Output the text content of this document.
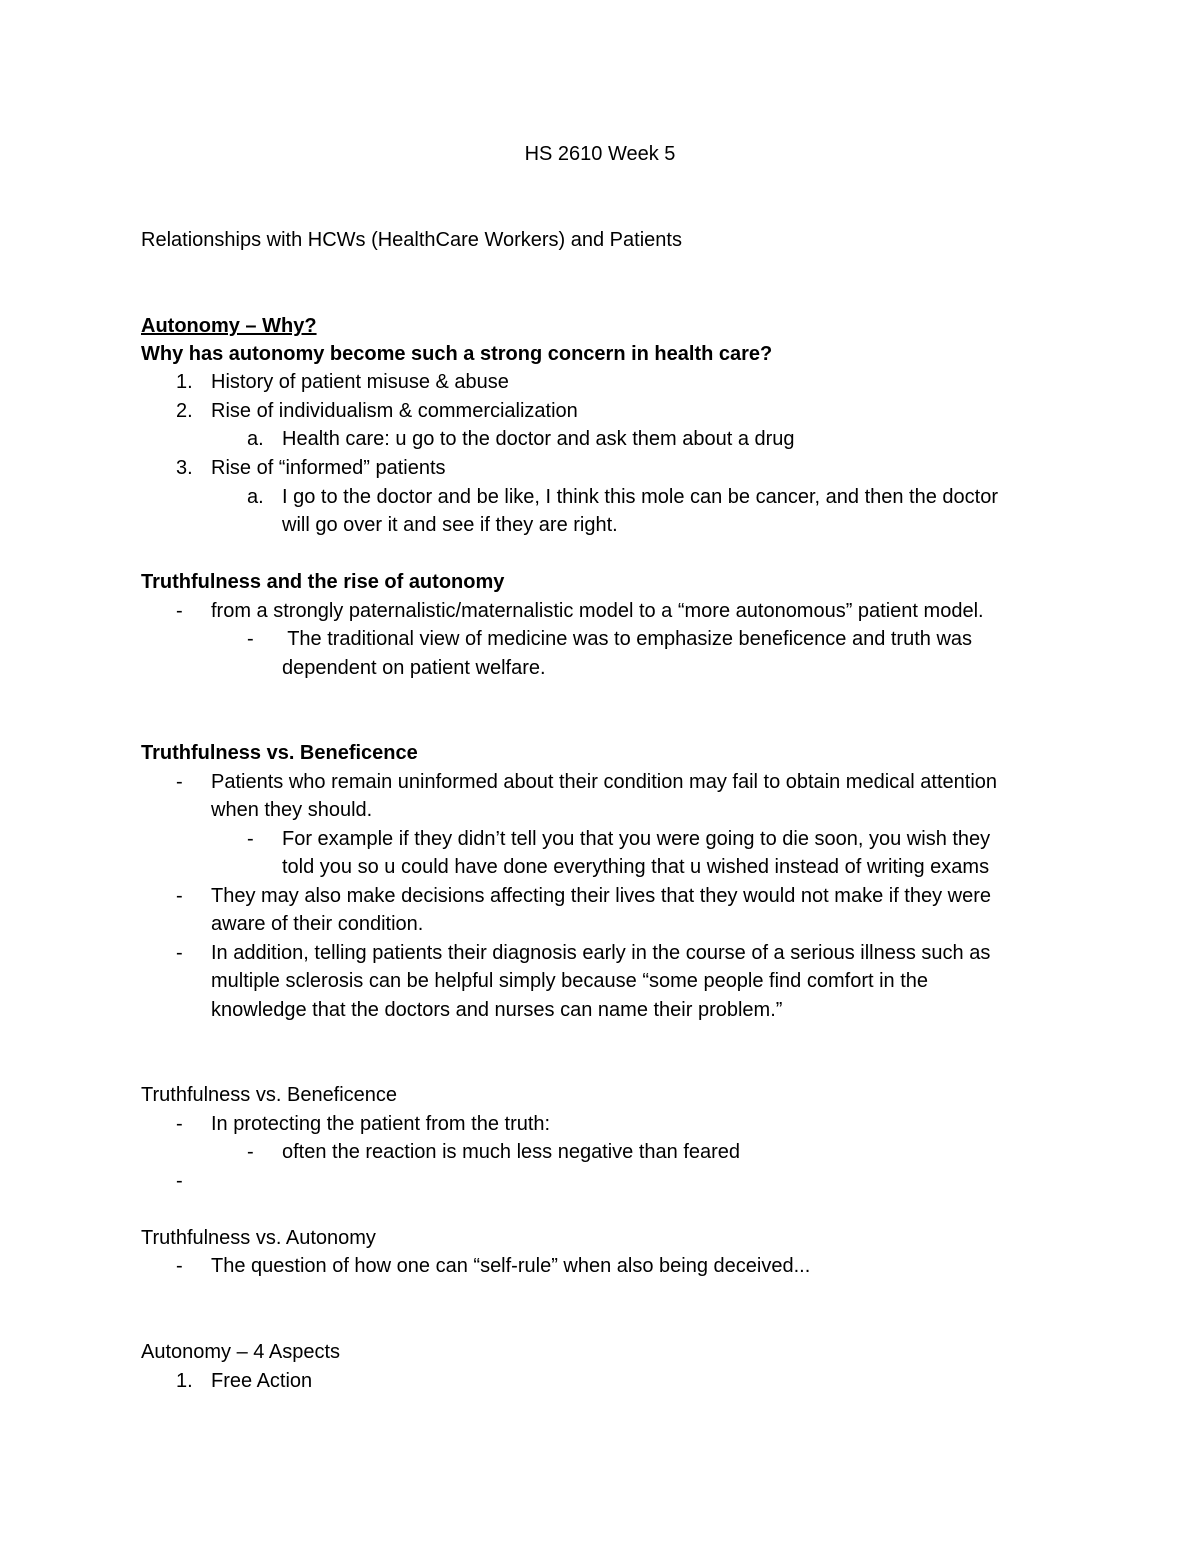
HS 2610 Week 5
Relationships with HCWs (HealthCare Workers) and Patients
Autonomy – Why?
Why has autonomy become such a strong concern in health care?
1. History of patient misuse & abuse
2. Rise of individualism & commercialization
a. Health care: u go to the doctor and ask them about a drug
3. Rise of “informed” patients
a. I go to the doctor and be like, I think this mole can be cancer, and then the doctor
will go over it and see if they are right.
Truthfulness and the rise of autonomy
- from a strongly paternalistic/maternalistic model to a “more autonomous” patient model.
- The traditional view of medicine was to emphasize beneficence and truth was
dependent on patient welfare.
Truthfulness vs. Beneficence
- Patients who remain uninformed about their condition may fail to obtain medical attention
when they should.
- For example if they didn’t tell you that you were going to die soon, you wish they
told you so u could have done everything that u wished instead of writing exams
- They may also make decisions affecting their lives that they would not make if they were
aware of their condition.
- In addition, telling patients their diagnosis early in the course of a serious illness such as
multiple sclerosis can be helpful simply because “some people find comfort in the
knowledge that the doctors and nurses can name their problem.”
Truthfulness vs. Beneficence
- In protecting the patient from the truth:
- often the reaction is much less negative than feared
-
Truthfulness vs. Autonomy
- The question of how one can “self-rule” when also being deceived...
Autonomy – 4 Aspects
1. Free Action
